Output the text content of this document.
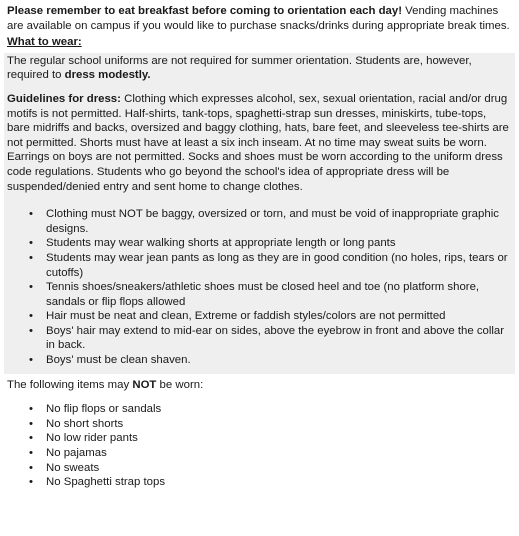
Please remember to eat breakfast before coming to orientation each day! Vending machines are available on campus if you would like to purchase snacks/drinks during appropriate break times.

What to wear:

The regular school uniforms are not required for summer orientation. Students are, however, required to dress modestly.

Guidelines for dress: Clothing which expresses alcohol, sex, sexual orientation, racial and/or drug motifs is not permitted. Half-shirts, tank-tops, spaghetti-strap sun dresses, miniskirts, tube-tops, bare midriffs and backs, oversized and baggy clothing, hats, bare feet, and sleeveless tee-shirts are not permitted. Shorts must have at least a six inch inseam. At no time may sweat suits be worn. Earrings on boys are not permitted. Socks and shoes must be worn according to the uniform dress code regulations. Students who go beyond the school's idea of appropriate dress will be suspended/denied entry and sent home to change clothes.

• Clothing must NOT be baggy, oversized or torn, and must be void of inappropriate graphic designs.
• Students may wear walking shorts at appropriate length or long pants
• Students may wear jean pants as long as they are in good condition (no holes, rips, tears or cutoffs)
• Tennis shoes/sneakers/athletic shoes must be closed heel and toe (no platform shore, sandals or flip flops allowed
• Hair must be neat and clean, Extreme or faddish styles/colors are not permitted
• Boys' hair may extend to mid-ear on sides, above the eyebrow in front and above the collar in back.
• Boys' must be clean shaven.

The following items may NOT be worn:

• No flip flops or sandals
• No short shorts
• No low rider pants
• No pajamas
• No sweats
• No Spaghetti strap tops
